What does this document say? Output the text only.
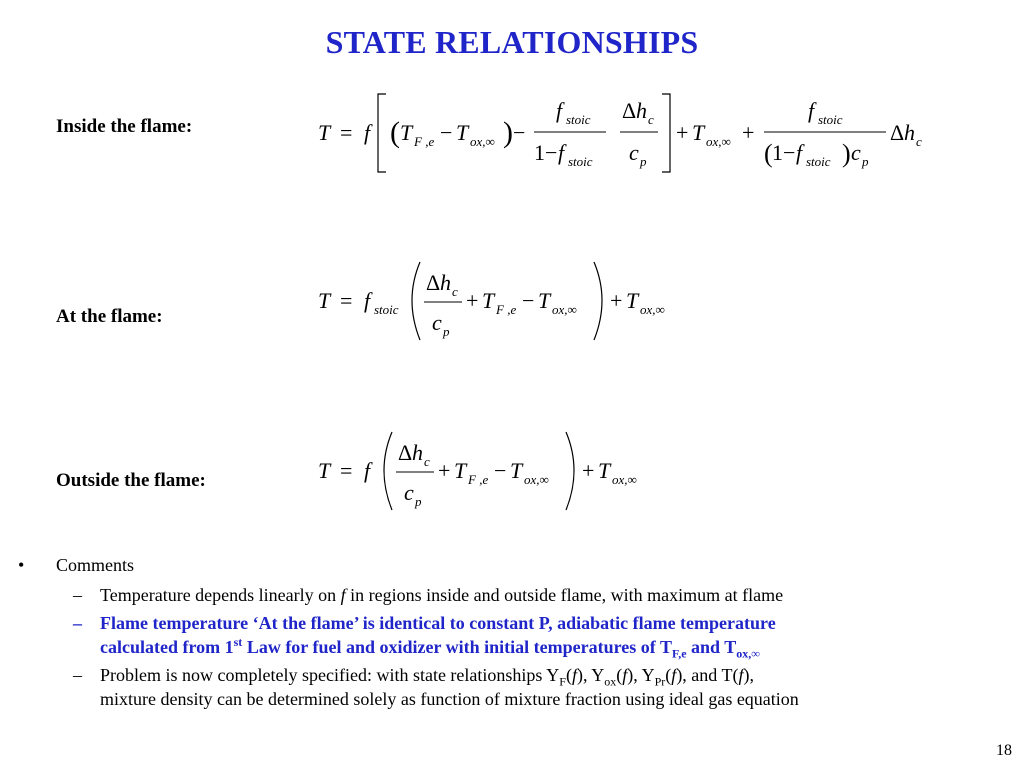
STATE RELATIONSHIPS
Inside the flame:
At the flame:
Outside the flame:
T = f ( T F ,e − T ox,∞ ) −
f stoic
1− f stoic
Δ h c
c p
+ T ox,∞ +
f stoic
( 1− f stoic ) c p
Δ h c
T = f stoic
Δ h c
c p
+ T F ,e − T ox,∞ + T ox,∞
T = f
Δ h c
c p
+ T F ,e − T ox,∞ + T ox,∞
• Comments
– Temperature depends linearly on f in regions inside and outside flame, with maximum at flame
– Flame temperature ‘At the flame’ is identical to constant P, adiabatic flame temperature
calculated from 1st Law for fuel and oxidizer with initial temperatures of $T_{F,e}$ and $T_{ox,\infty}$
– Problem is now completely specified: with state relationships $Y_F(f)$, $Y_{ox}(f)$, $Y_{Pr}(f)$, and T(f),
mixture density can be determined solely as function of mixture fraction using ideal gas equation
18
